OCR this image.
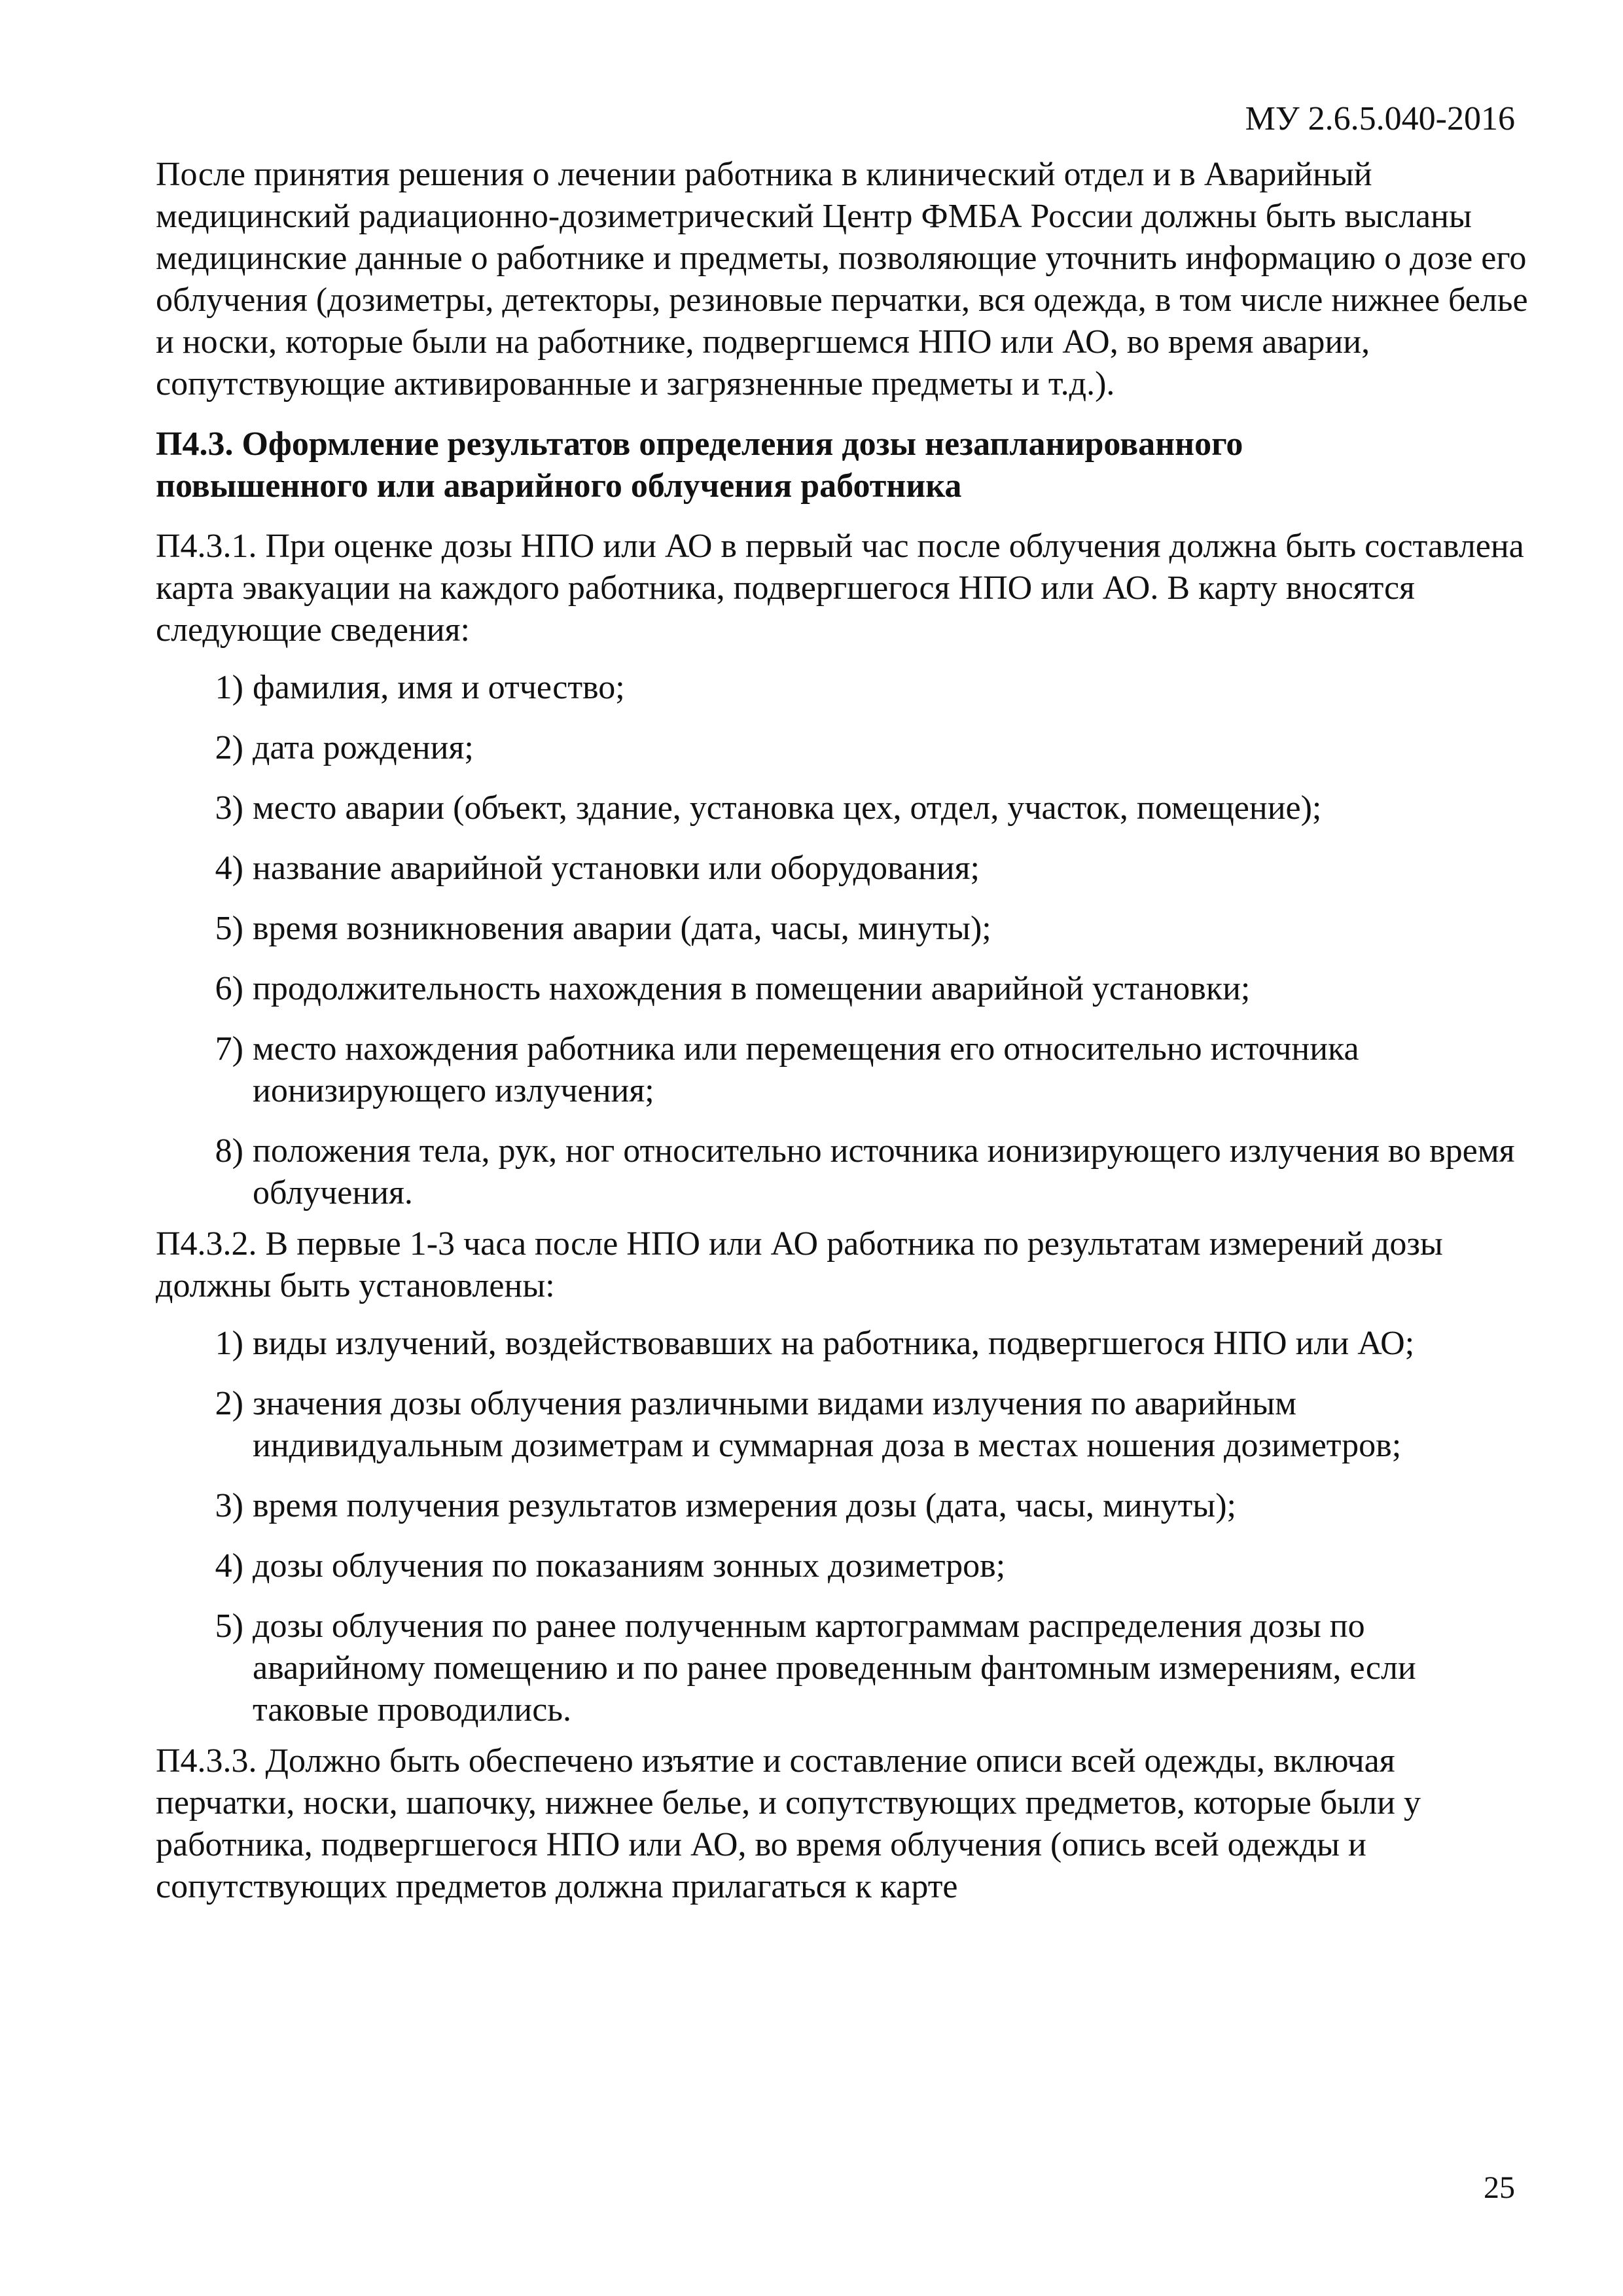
МУ 2.6.5.040-2016

После принятия решения о лечении работника в клинический отдел и в Аварийный медицинский радиационно-дозиметрический Центр ФМБА России должны быть высланы медицинские данные о работнике и предметы, позволяющие уточнить информацию о дозе его облучения (дозиметры, детекторы, резиновые перчатки, вся одежда, в том числе нижнее белье и носки, которые были на работнике, подвергшемся НПО или АО, во время аварии, сопутствующие активированные и загрязненные предметы и т.д.).

П4.3. Оформление результатов определения дозы незапланированного повышенного или аварийного облучения работника

П4.3.1. При оценке дозы НПО или АО в первый час после облучения должна быть составлена карта эвакуации на каждого работника, подвергшегося НПО или АО. В карту вносятся следующие сведения:

1) фамилия, имя и отчество;
2) дата рождения;
3) место аварии (объект, здание, установка цех, отдел, участок, помещение);
4) название аварийной установки или оборудования;
5) время возникновения аварии (дата, часы, минуты);
6) продолжительность нахождения в помещении аварийной установки;
7) место нахождения работника или перемещения его относительно источника ионизирующего излучения;
8) положения тела, рук, ног относительно источника ионизирующего излучения во время облучения.

П4.3.2. В первые 1-3 часа после НПО или АО работника по результатам измерений дозы должны быть установлены:

1) виды излучений, воздействовавших на работника, подвергшегося НПО или АО;
2) значения дозы облучения различными видами излучения по аварийным индивидуальным дозиметрам и суммарная доза в местах ношения дозиметров;
3) время получения результатов измерения дозы (дата, часы, минуты);
4) дозы облучения по показаниям зонных дозиметров;
5) дозы облучения по ранее полученным картограммам распределения дозы по аварийному помещению и по ранее проведенным фантомным измерениям, если таковые проводились.

П4.3.3. Должно быть обеспечено изъятие и составление описи всей одежды, включая перчатки, носки, шапочку, нижнее белье, и сопутствующих предметов, которые были у работника, подвергшегося НПО или АО, во время облучения (опись всей одежды и сопутствующих предметов должна прилагаться к карте

25
